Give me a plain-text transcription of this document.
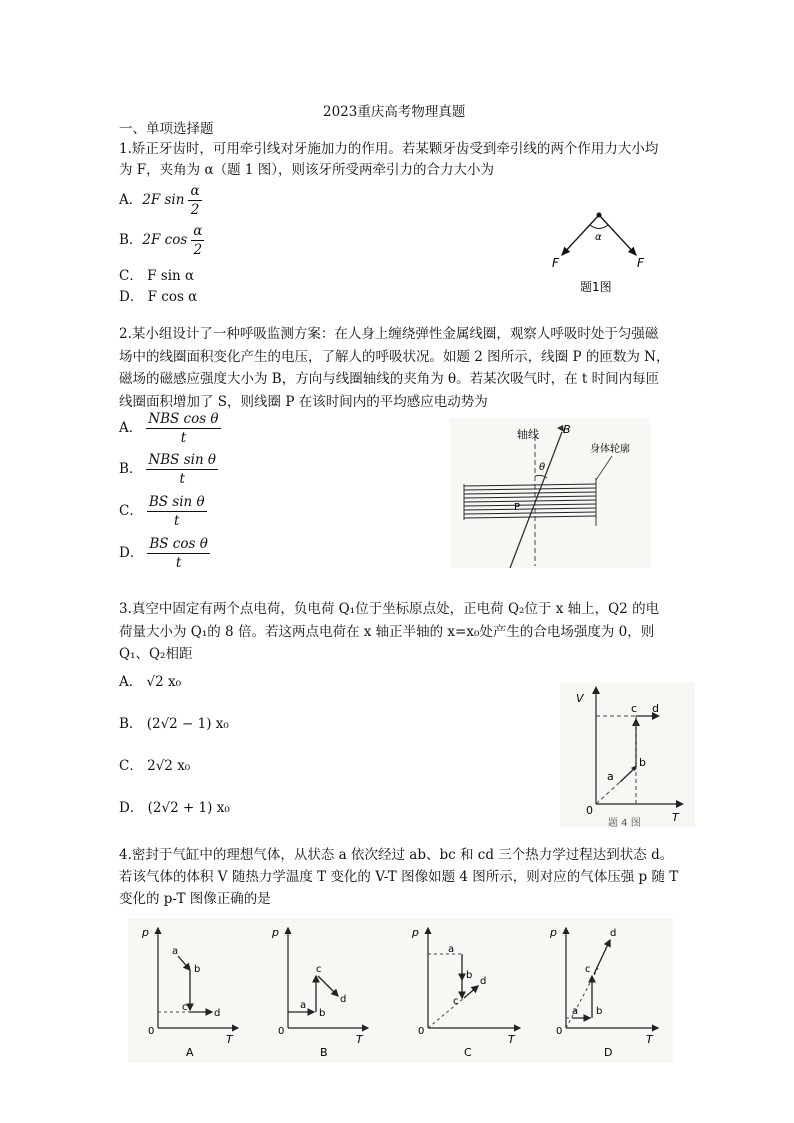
2023重庆高考物理真题
一、单项选择题
1.矫正牙齿时，可用牵引线对牙施加力的作用。若某颗牙齿受到牵引线的两个作用力大小均
为 F，夹角为 α（题 1 图），则该牙所受两牵引力的合力大小为
A．2F $\sin \frac{\alpha}{2}$
B．2F $\cos \frac{\alpha}{2}$
C． F sin α
D． F cos α
α
F	F
题1图
2.某小组设计了一种呼吸监测方案：在人身上缠绕弹性金属线圈，观察人呼吸时处于匀强磁
场中的线圈面积变化产生的电压，了解人的呼吸状况。如题 2 图所示，线圈 P 的匝数为 N，
磁场的磁感应强度大小为 B，方向与线圈轴线的夹角为 θ。若某次吸气时，在 t 时间内每匝
线圈面积增加了 S，则线圈 P 在该时间内的平均感应电动势为
A． $\frac{\text{NBS cos θ}}{t}$
B． $\frac{\text{NBS sin θ}}{t}$
C． $\frac{\text{BS sin θ}}{t}$
D． $\frac{\text{BS cos θ}}{t}$
轴线 B
θ
身体轮廓
P
3.真空中固定有两个点电荷，负电荷 Q₁位于坐标原点处，正电荷 Q₂位于 x 轴上，Q2 的电
荷量大小为 Q₁的 8 倍。若这两点电荷在 x 轴正半轴的 x=x₀处产生的合电场强度为 0，则
Q₁、Q₂相距
A． √2 x₀
B． (2√2 − 1) x₀
C． 2√2 x₀
D． (2√2 + 1) x₀
V
T
0
a
b
c d
题 4 图
4.密封于气缸中的理想气体，从状态 a 依次经过 ab、bc 和 cd 三个热力学过程达到状态 d。
若该气体的体积 V 随热力学温度 T 变化的 V-T 图像如题 4 图所示，则对应的气体压强 p 随 T
变化的 p-T 图像正确的是
p
T
0
a
b
c
d
A
p
T
0
a
b
c
d
B
p
T
0
a
b
c
d
C
p
T
0
a b
c
d
D
